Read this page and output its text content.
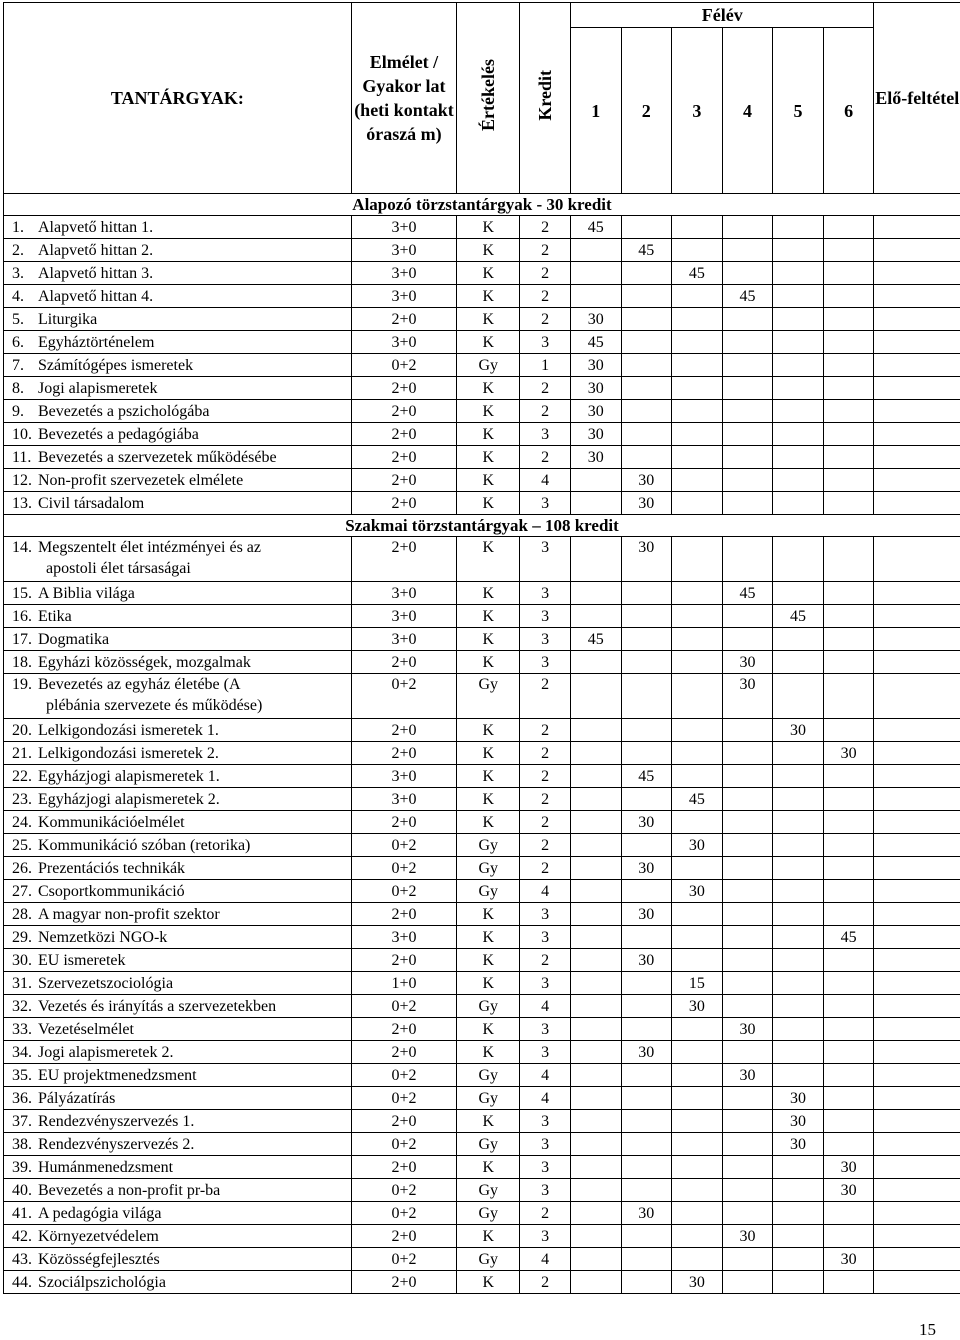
TANTÁRGYAK:	Elmélet / Gyakor lat (heti kontakt óraszá m)	Értékelés	Kredit	Félév						Elő-feltétel
				1	2	3	4	5	6	
Alapozó törzstantárgyak - 30 kredit										
1. Alapvető hittan 1.	3+0	K	2	45						
2. Alapvető hittan 2.	3+0	K	2		45					
3. Alapvető hittan 3.	3+0	K	2			45				
4. Alapvető hittan 4.	3+0	K	2				45			
5. Liturgika	2+0	K	2	30						
6. Egyháztörténelem	3+0	K	3	45						
7. Számítógépes ismeretek	0+2	Gy	1	30						
8. Jogi alapismeretek	2+0	K	2	30						
9. Bevezetés a pszichológába	2+0	K	2	30						
10. Bevezetés a pedagógiába	2+0	K	3	30						
11. Bevezetés a szervezetek működésébe	2+0	K	2	30						
12. Non-profit szervezetek elmélete	2+0	K	4		30					
13. Civil társadalom	2+0	K	3		30					
Szakmai törzstantárgyak – 108 kredit										
14. Megszentelt élet intézményei és az
apostoli élet társaságai	2+0	K	3		30					
15. A Biblia világa	3+0	K	3				45			
16. Etika	3+0	K	3					45		
17. Dogmatika	3+0	K	3	45						
18. Egyházi közösségek, mozgalmak	2+0	K	3				30			
19. Bevezetés az egyház életébe (A
plébánia szervezete és működése)	0+2	Gy	2				30			
20. Lelkigondozási ismeretek 1.	2+0	K	2					30		
21. Lelkigondozási ismeretek 2.	2+0	K	2						30	
22. Egyházjogi alapismeretek 1.	3+0	K	2		45					
23. Egyházjogi alapismeretek 2.	3+0	K	2			45				
24. Kommunikációelmélet	2+0	K	2		30					
25. Kommunikáció szóban (retorika)	0+2	Gy	2			30				
26. Prezentációs technikák	0+2	Gy	2		30					
27. Csoportkommunikáció	0+2	Gy	4			30				
28. A magyar non-profit szektor	2+0	K	3		30					
29. Nemzetközi NGO-k	3+0	K	3						45	
30. EU ismeretek	2+0	K	2		30					
31. Szervezetszociológia	1+0	K	3			15				
32. Vezetés és irányítás a szervezetekben	0+2	Gy	4			30				
33. Vezetéselmélet	2+0	K	3				30			
34. Jogi alapismeretek 2.	2+0	K	3		30					
35. EU projektmenedzsment	0+2	Gy	4				30			
36. Pályázatírás	0+2	Gy	4					30		
37. Rendezvényszervezés 1.	2+0	K	3					30		
38. Rendezvényszervezés 2.	0+2	Gy	3					30		
39. Humánmenedzsment	2+0	K	3						30	
40. Bevezetés a non-profit pr-ba	0+2	Gy	3						30	
41. A pedagógia világa	0+2	Gy	2		30					
42. Környezetvédelem	2+0	K	3				30			
43. Közösségfejlesztés	0+2	Gy	4						30	
44. Szociálpszichológia	2+0	K	2			30				
15
